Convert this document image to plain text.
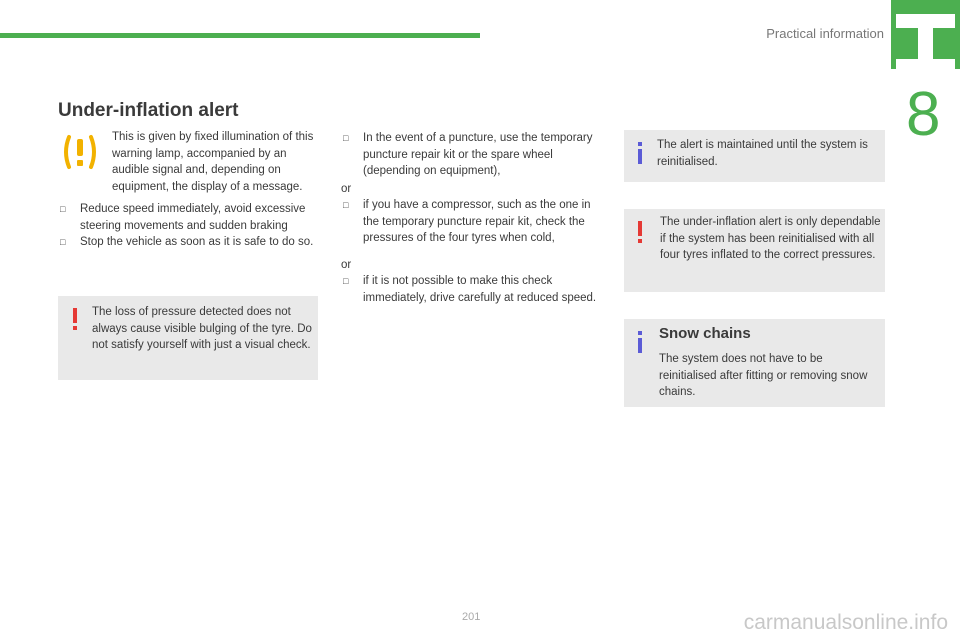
Practical information
8
Under-inflation alert
This is given by fixed illumination of this warning lamp, accompanied by an audible signal and, depending on equipment, the display of a message.
□ Reduce speed immediately, avoid excessive steering movements and sudden braking
□ Stop the vehicle as soon as it is safe to do so.
The loss of pressure detected does not always cause visible bulging of the tyre. Do not satisfy yourself with just a visual check.
□ In the event of a puncture, use the temporary puncture repair kit or the spare wheel (depending on equipment),
or
□ if you have a compressor, such as the one in the temporary puncture repair kit, check the pressures of the four tyres when cold,
or
□ if it is not possible to make this check immediately, drive carefully at reduced speed.
The alert is maintained until the system is reinitialised.
The under-inflation alert is only dependable if the system has been reinitialised with all four tyres inflated to the correct pressures.
Snow chains
The system does not have to be reinitialised after fitting or removing snow chains.
201	carmanualsonline.info
